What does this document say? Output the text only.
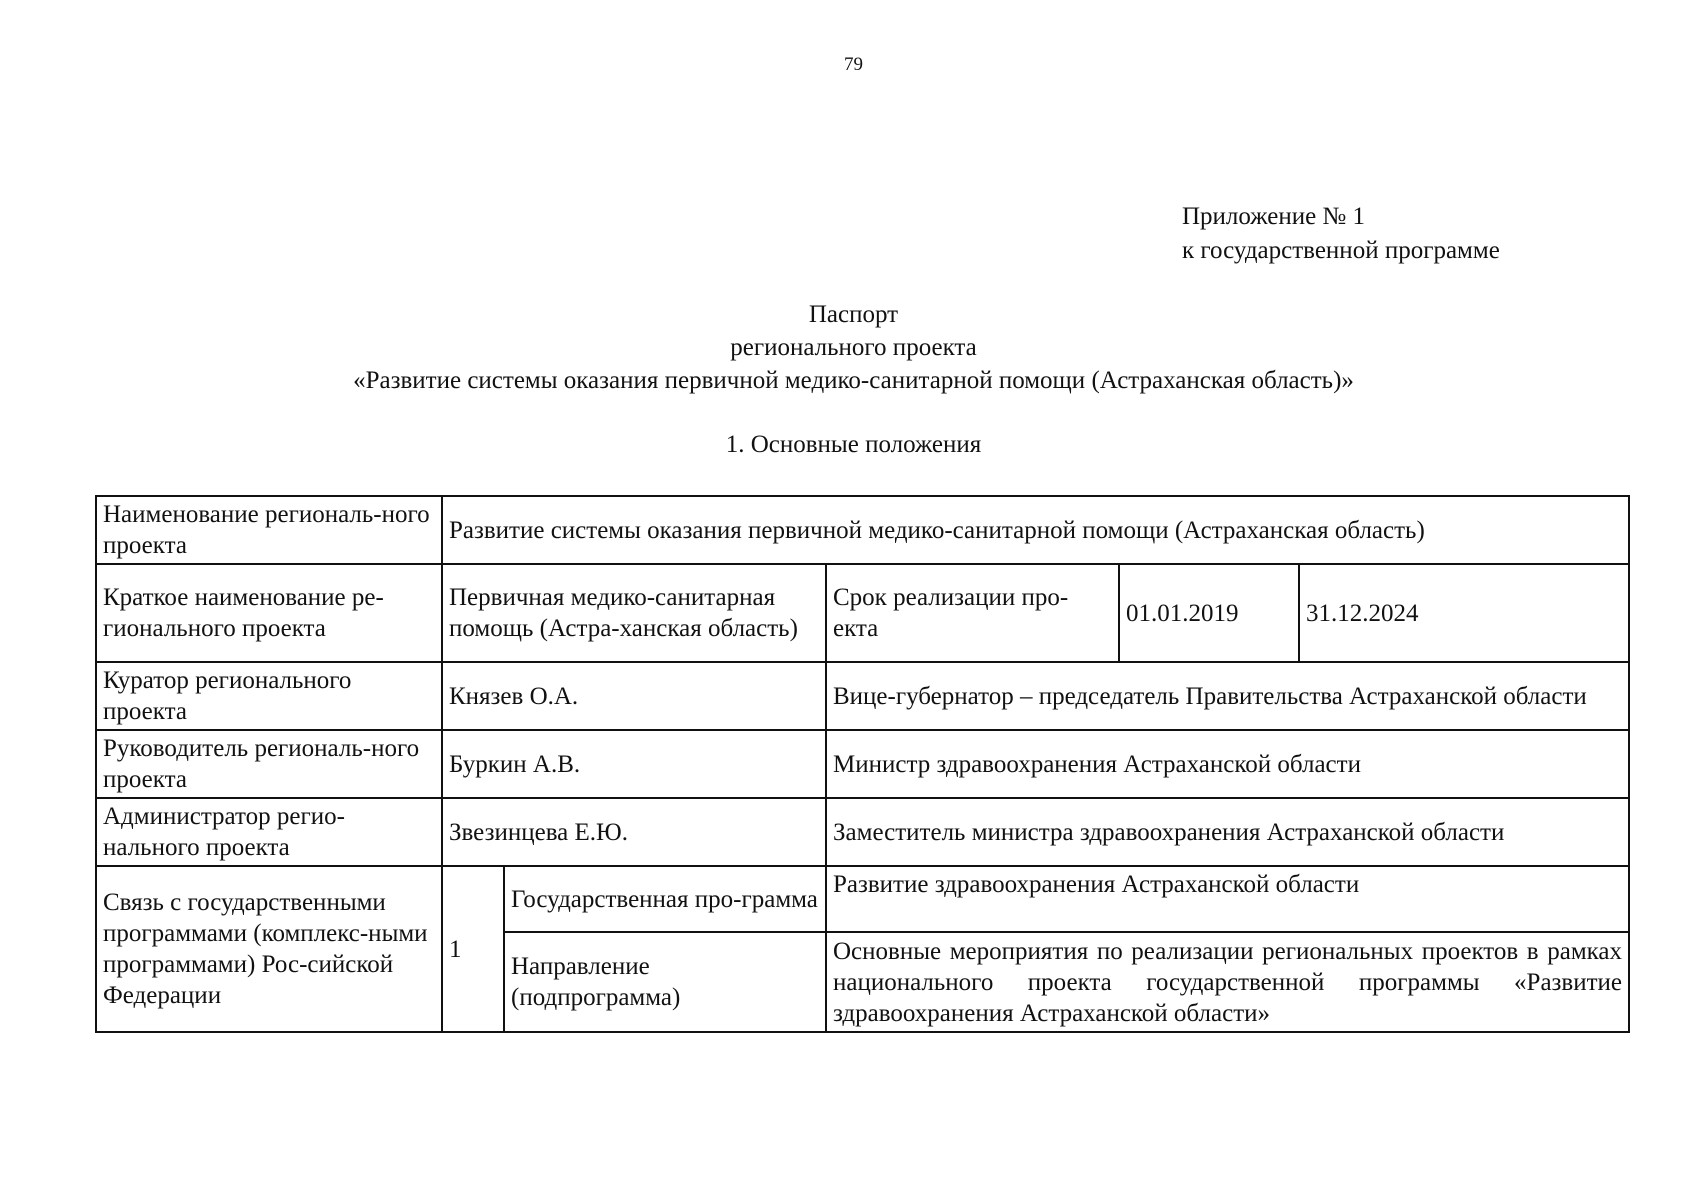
79
Приложение № 1
к государственной программе
Паспорт
регионального проекта
«Развитие системы оказания первичной медико-санитарной помощи (Астраханская область)»
1. Основные положения
Наименование региональ-ного проекта	Развитие системы оказания первичной медико-санитарной помощи (Астраханская область)				
Краткое наименование ре-гионального проекта	Первичная медико-санитарная помощь (Астра-ханская область)		Срок реализации про-екта	01.01.2019	31.12.2024
Куратор регионального проекта	Князев О.А.		Вице-губернатор – председатель Правительства Астраханской области		
Руководитель региональ-ного проекта	Буркин А.В.		Министр здравоохранения Астраханской области		
Администратор регио-нального проекта	Звезинцева Е.Ю.		Заместитель министра здравоохранения Астраханской области		
Связь с государственными программами (комплекс-ными программами) Рос-сийской Федерации	1	Государственная про-грамма	Развитие здравоохранения Астраханской области		
		Направление (подпрограмма)	Основные мероприятия по реализации региональных проектов в рамках национального проекта государственной программы «Развитие здравоохранения Астраханской области»		
